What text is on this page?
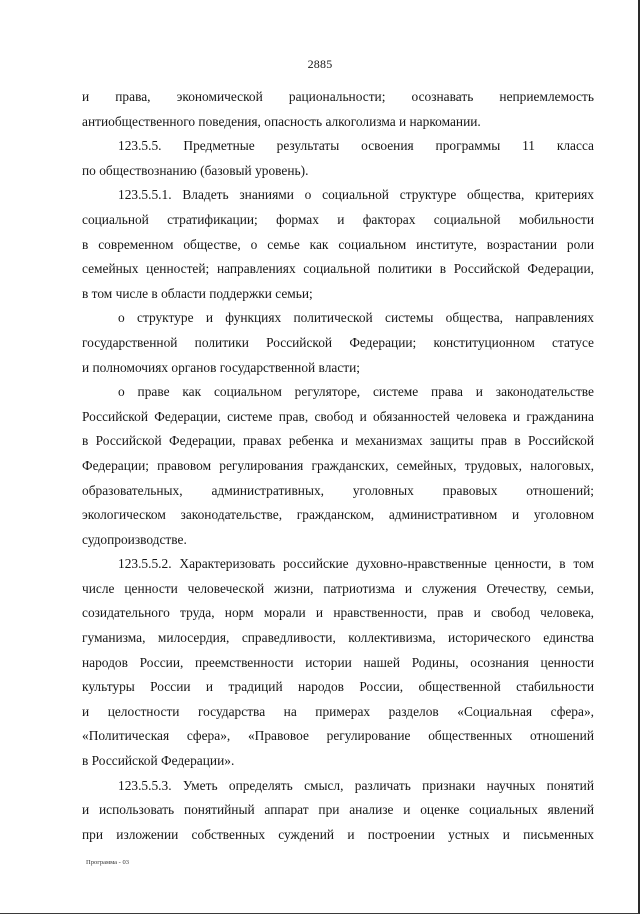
2885

и права, экономической рациональности; осознавать неприемлемость

антиобщественного поведения, опасность алкоголизма и наркомании.

123.5.5. Предметные результаты освоения программы 11 класса

по обществознанию (базовый уровень).

123.5.5.1. Владеть знаниями о социальной структуре общества, критериях

социальной стратификации; формах и факторах социальной мобильности

в современном обществе, о семье как социальном институте, возрастании роли

семейных ценностей; направлениях социальной политики в Российской Федерации,

в том числе в области поддержки семьи;

о структуре и функциях политической системы общества, направлениях

государственной политики Российской Федерации; конституционном статусе

и полномочиях органов государственной власти;

о праве как социальном регуляторе, системе права и законодательстве

Российской Федерации, системе прав, свобод и обязанностей человека и гражданина

в Российской Федерации, правах ребенка и механизмах защиты прав в Российской

Федерации; правовом регулирования гражданских, семейных, трудовых, налоговых,

образовательных, административных, уголовных правовых отношений;

экологическом законодательстве, гражданском, административном и уголовном

судопроизводстве.

123.5.5.2. Характеризовать российские духовно-нравственные ценности, в том

числе ценности человеческой жизни, патриотизма и служения Отечеству, семьи,

созидательного труда, норм морали и нравственности, прав и свобод человека,

гуманизма, милосердия, справедливости, коллективизма, исторического единства

народов России, преемственности истории нашей Родины, осознания ценности

культуры России и традиций народов России, общественной стабильности

и целостности государства на примерах разделов «Социальная сфера»,

«Политическая сфера», «Правовое регулирование общественных отношений

в Российской Федерации».

123.5.5.3. Уметь определять смысл, различать признаки научных понятий

и использовать понятийный аппарат при анализе и оценке социальных явлений

при изложении собственных суждений и построении устных и письменных

Программа - 03
